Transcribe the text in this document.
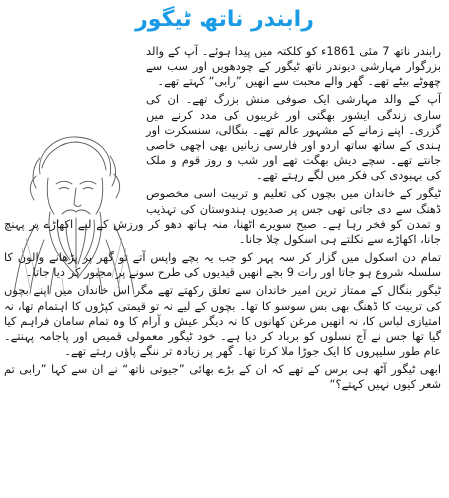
رابندر ناتھ ٹیگور

رابندر ناتھ 7 مئی 1861ء کو کلکتہ میں پیدا ہوئے۔ آپ کے والد بزرگوار مہارشی دیوندر ناتھ ٹیگور کے چودھویں اور سب سے چھوٹے بیٹے تھے۔ گھر والے محبت سے انھیں ”رابی“ کہتے تھے۔

آپ کے والد مہارشی ایک صوفی منش بزرگ تھے۔ ان کی ساری زندگی ایشور بھگتی اور غریبوں کی مدد کرنے میں گزری۔ اپنے زمانے کے مشہور عالم تھے۔ بنگالی، سنسکرت اور ہندی کے ساتھ ساتھ اردو اور فارسی زبانیں بھی اچھی خاصی جانتے تھے۔ سچے دیش بھگت تھے اور شب و روز قوم و ملک کی بہبودی کی فکر میں لگے رہتے تھے۔

ٹیگور کے خاندان میں بچوں کی تعلیم و تربیت اسی مخصوص ڈھنگ سے دی جاتی تھی جس پر صدیوں ہندوستان کی تہذیب و تمدن کو فخر رہا ہے۔ صبح سویرے اٹھنا، منہ ہاتھ دھو کر ورزش کے لیے اکھاڑے پر پہنچ جانا، اکھاڑے سے نکلتے ہی اسکول چلا جانا۔

تمام دن اسکول میں گزار کر سہ پہر کو جب یہ بچے واپس آتے تو گھر پر پڑھانے والوں کا سلسلہ شروع ہو جاتا اور رات 9 بجے انھیں قیدیوں کی طرح سونے پر مجبور کر دیا جاتا۔

ٹیگور بنگال کے ممتاز ترین امیر خاندان سے تعلق رکھتے تھے مگر اس خاندان میں اپنے بچوں کی تربیت کا ڈھنگ بھی بس سوسو کا تھا۔ بچوں کے لیے نہ تو قیمتی کپڑوں کا اہتمام تھا، نہ امتیازی لباس کا، نہ انھیں مرغن کھانوں کا نہ دیگر عیش و آرام کا وہ تمام سامان فراہم کیا گیا تھا جس نے آج نسلوں کو برباد کر دیا ہے۔ خود ٹیگور معمولی قمیص اور پاجامہ پہنتے۔ عام طور سلیپروں کا ایک جوڑا ملا کرتا تھا۔ گھر پر زیادہ تر ننگے پاؤں رہتے تھے۔

ابھی ٹیگور آٹھ ہی برس کے تھے کہ ان کے بڑے بھائی ”جیوتی ناتھ“ نے ان سے کہا ”رابی تم شعر کیوں نہیں کہتے؟“
